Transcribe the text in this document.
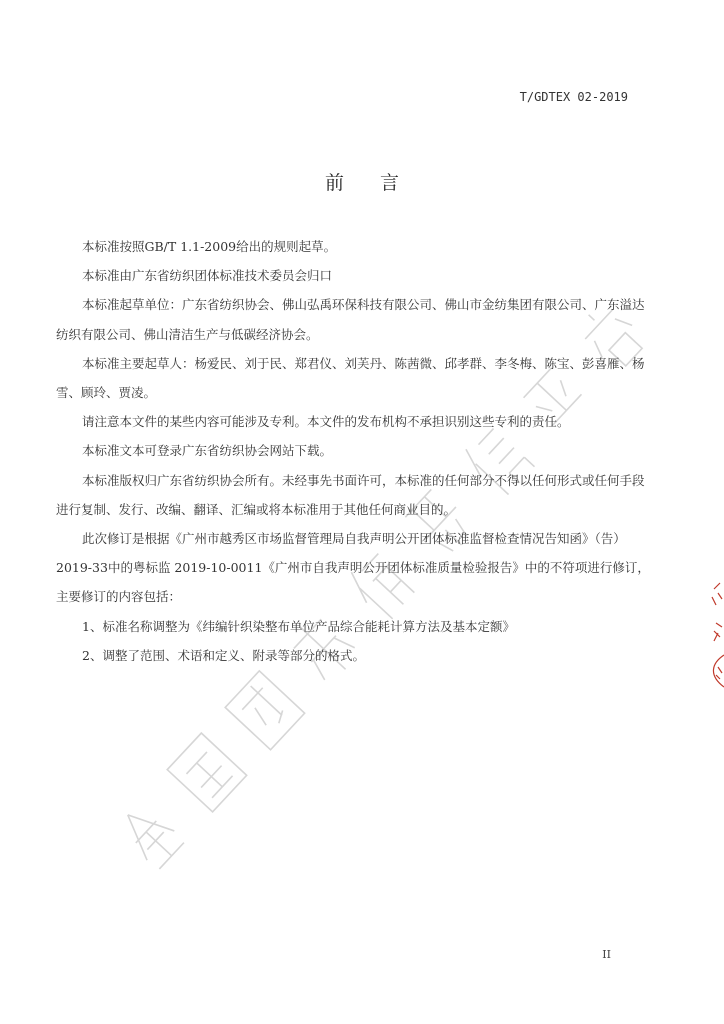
T/GDTEX 02-2019
前言

本标准按照GB/T 1.1-2009给出的规则起草。

本标准由广东省纺织团体标准技术委员会归口

本标准起草单位：广东省纺织协会、佛山弘禹环保科技有限公司、佛山市金纺集团有限公司、广东溢达纺织有限公司、佛山清洁生产与低碳经济协会。

本标准主要起草人：杨爱民、刘于民、郑君仪、刘芙丹、陈茜微、邱孝群、李冬梅、陈宝、彭喜雁、杨雪、顾玲、贾凌。

请注意本文件的某些内容可能涉及专利。本文件的发布机构不承担识别这些专利的责任。

本标准文本可登录广东省纺织协会网站下载。

本标准版权归广东省纺织协会所有。未经事先书面许可，本标准的任何部分不得以任何形式或任何手段进行复制、发行、改编、翻译、汇编或将本标准用于其他任何商业目的。

此次修订是根据《广州市越秀区市场监督管理局自我声明公开团体标准监督检查情况告知函》（告）2019-33中的粤标监 2019-10-0011《广州市自我声明公开团体标准质量检验报告》中的不符项进行修订，主要修订的内容包括：

1、标准名称调整为《纬编针织染整布单位产品综合能耗计算方法及基本定额》

2、调整了范围、术语和定义、附录等部分的格式。

II
